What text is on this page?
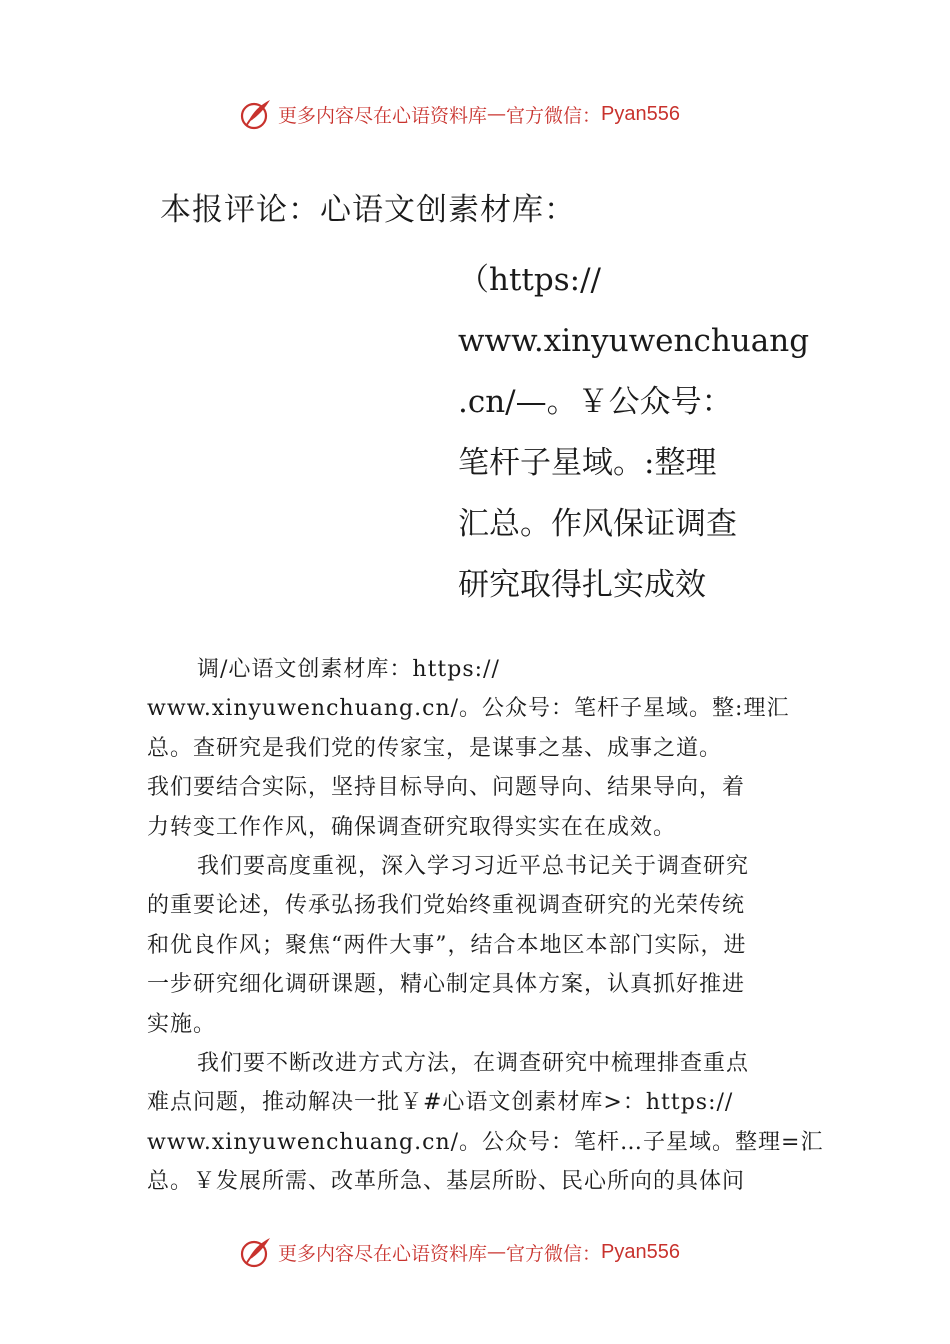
更多内容尽在心语资料库 — 官方微信： Pyan556
本报评论：心语文创素材库：
（https://
www.xinyuwenchuang
.cn/—。￥公众号：
笔杆子星域。:整理
汇总。作风保证调查
研究取得扎实成效
调/心语文创素材库：https://
www.xinyuwenchuang.cn/。公众号：笔杆子星域。整:理汇
总。查研究是我们党的传家宝，是谋事之基、成事之道。
我们要结合实际，坚持目标导向、问题导向、结果导向，着
力转变工作作风，确保调查研究取得实实在在成效。
我们要高度重视，深入学习习近平总书记关于调查研究
的重要论述，传承弘扬我们党始终重视调查研究的光荣传统
和优良作风；聚焦“两件大事”，结合本地区本部门实际，进
一步研究细化调研课题，精心制定具体方案，认真抓好推进
实施。
我们要不断改进方式方法，在调查研究中梳理排查重点
难点问题，推动解决一批￥#心语文创素材库>：https://
www.xinyuwenchuang.cn/。公众号：笔杆…子星域。整理=汇
总。￥发展所需、改革所急、基层所盼、民心所向的具体问
更多内容尽在心语资料库 — 官方微信： Pyan556
